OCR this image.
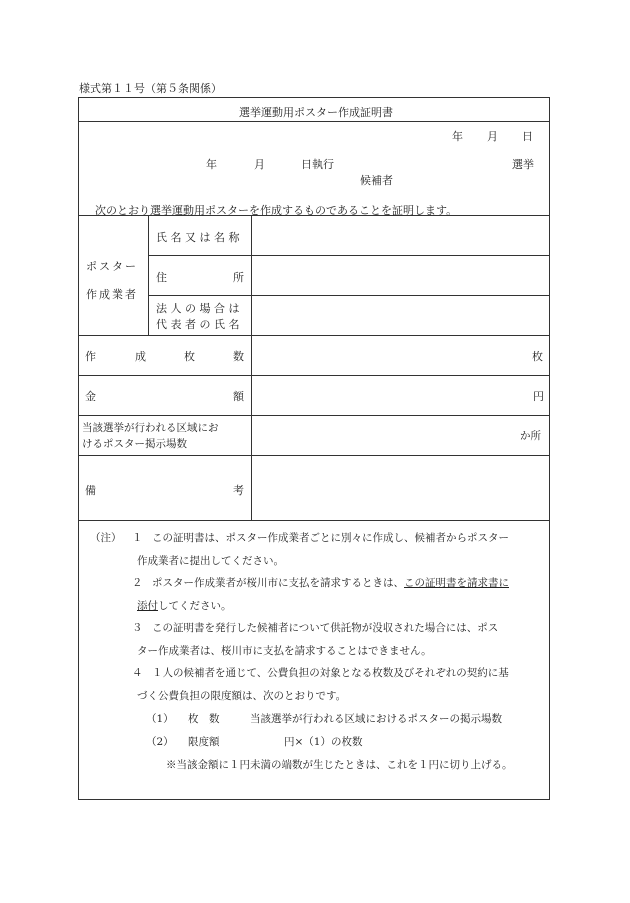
様式第１１号（第５条関係）
選挙運動用ポスター作成証明書
年 月 日
年	月	日執行	選挙
候補者
次のとおり選挙運動用ポスターを作成するものであることを証明します。
ポスター
作成業者
氏 名 又 は 名 称
住	所
法 人 の 場 合 は
代 表 者 の 氏 名
作	成	枚	数	枚
金	額	円
当該選挙が行われる区域にお
けるポスター掲示場数
か所
備	考
（注） １ この証明書は、ポスター作成業者ごとに別々に作成し、候補者からポスター
作成業者に提出してください。
２ ポスター作成業者が桜川市に支払を請求するときは、この証明書を請求書に
添付してください。
３ この証明書を発行した候補者について供託物が没収された場合には、ポス
ター作成業者は、桜川市に支払を請求することはできません。
４ １人の候補者を通じて、公費負担の対象となる枚数及びそれぞれの契約に基
づく公費負担の限度額は、次のとおりです。
（1） 枚　数	当該選挙が行われる区域におけるポスターの掲示場数
（2） 限度額	円×（1）の枚数
※当該金額に１円未満の端数が生じたときは、これを１円に切り上げる。
